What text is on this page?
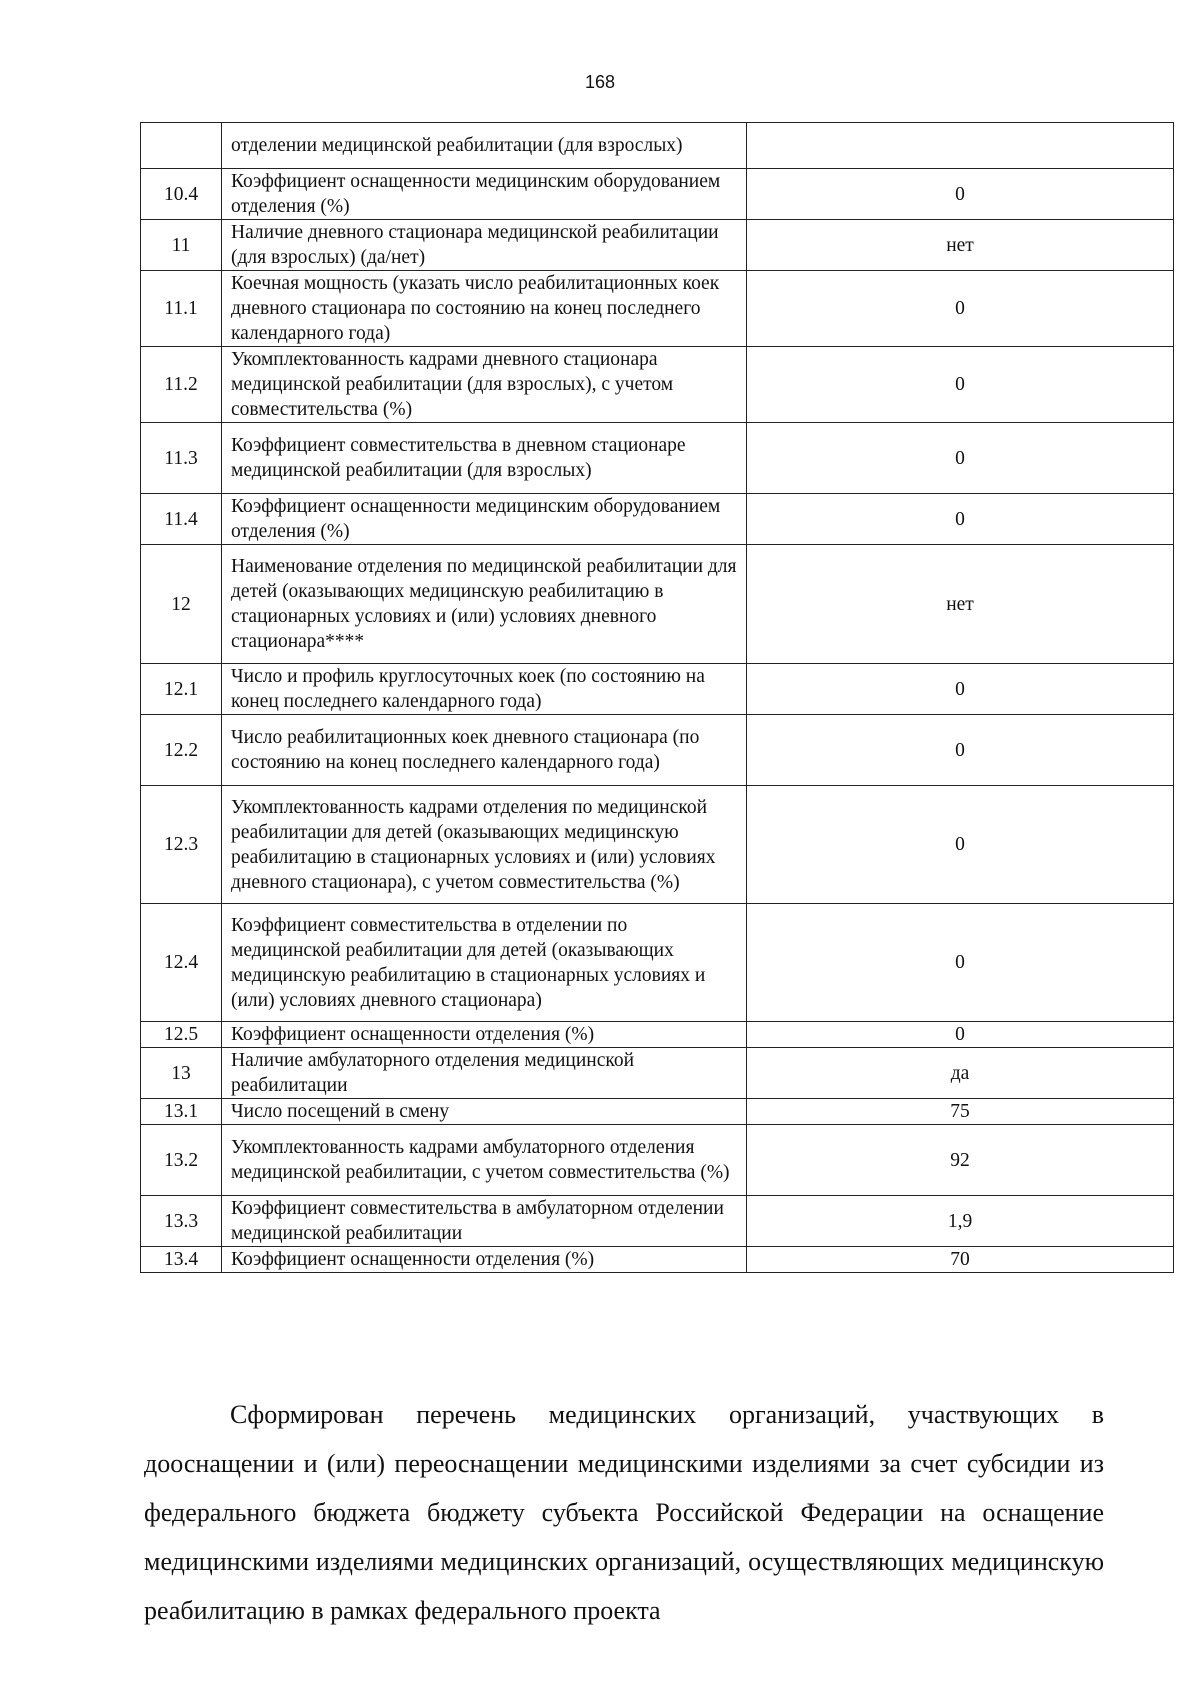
168
	отделении медицинской реабилитации (для взрослых)	
10.4	Коэффициент оснащенности медицинским оборудованием отделения (%)	0
11	Наличие дневного стационара медицинской реабилитации (для взрослых) (да/нет)	нет
11.1	Коечная мощность (указать число реабилитационных коек дневного стационара по состоянию на конец последнего календарного года)	0
11.2	Укомплектованность кадрами дневного стационара медицинской реабилитации (для взрослых), с учетом совместительства (%)	0
11.3	Коэффициент совместительства в дневном стационаре медицинской реабилитации (для взрослых)	0
11.4	Коэффициент оснащенности медицинским оборудованием отделения (%)	0
12	Наименование отделения по медицинской реабилитации для детей (оказывающих медицинскую реабилитацию в стационарных условиях и (или) условиях дневного стационара****	нет
12.1	Число и профиль круглосуточных коек (по состоянию на конец последнего календарного года)	0
12.2	Число реабилитационных коек дневного стационара (по состоянию на конец последнего календарного года)	0
12.3	Укомплектованность кадрами отделения по медицинской реабилитации для детей (оказывающих медицинскую реабилитацию в стационарных условиях и (или) условиях дневного стационара), с учетом совместительства (%)	0
12.4	Коэффициент совместительства в отделении по медицинской реабилитации для детей (оказывающих медицинскую реабилитацию в стационарных условиях и (или) условиях дневного стационара)	0
12.5	Коэффициент оснащенности отделения (%)	0
13	Наличие амбулаторного отделения медицинской реабилитации	да
13.1	Число посещений в смену	75
13.2	Укомплектованность кадрами амбулаторного отделения медицинской реабилитации, с учетом совместительства (%)	92
13.3	Коэффициент совместительства в амбулаторном отделении медицинской реабилитации	1,9
13.4	Коэффициент оснащенности отделения (%)	70
Сформирован перечень медицинских организаций, участвующих в дооснащении и (или) переоснащении медицинскими изделиями за счет субсидии из федерального бюджета бюджету субъекта Российской Федерации на оснащение медицинскими изделиями медицинских организаций, осуществляющих медицинскую реабилитацию в рамках федерального проекта
